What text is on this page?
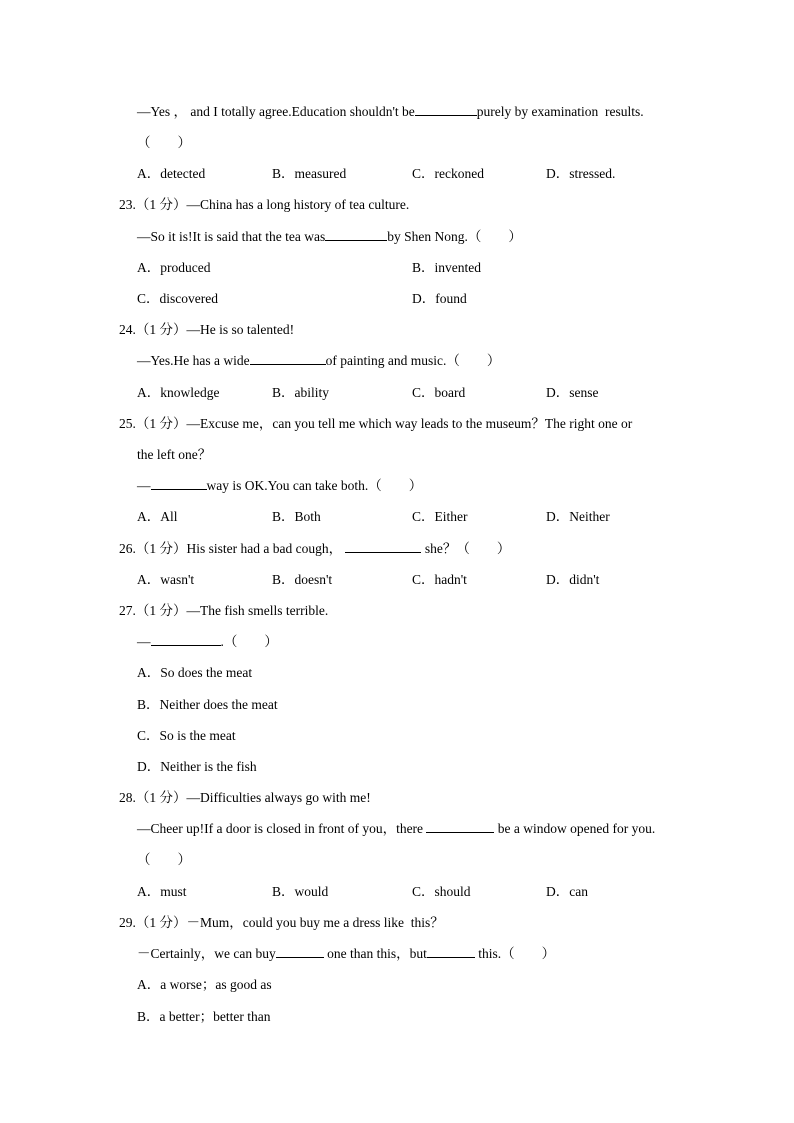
—Yes ， and I totally agree.Education shouldn't be	purely by examination  results.
（　　）
A．detected	B．measured	C．reckoned	D．stressed.
23.（1 分）—China has a long history of tea culture.
—So it is!It is said that the tea was	by Shen Nong.（　　）
A．produced	B．invented
C．discovered	D．found
24.（1 分）—He is so talented!
—Yes.He has a wide	of painting and music.（　　）
A．knowledge	B．ability	C．board	D．sense
25.（1 分）—Excuse me，can you tell me which way leads to the museum？The right one or
the left one？
—	way is OK.You can take both.（　　）
A．All	B．Both	C．Either	D．Neither
26.（1 分）His sister had a bad cough，	she？（　　）
A．wasn't	B．doesn't	C．hadn't	D．didn't
27.（1 分）—The fish smells terrible.
—	.（　　）
A．So does the meat
B．Neither does the meat
C．So is the meat
D．Neither is the fish
28.（1 分）—Difficulties always go with me!
—Cheer up!If a door is closed in front of you，there	be a window opened for you.
（　　）
A．must	B．would	C．should	D．can
29.（1 分）－Mum，could you buy me a dress like  this？
－Certainly，we can buy	one than this，but	this.（　　）
A．a worse；as good as
B．a better；better than
